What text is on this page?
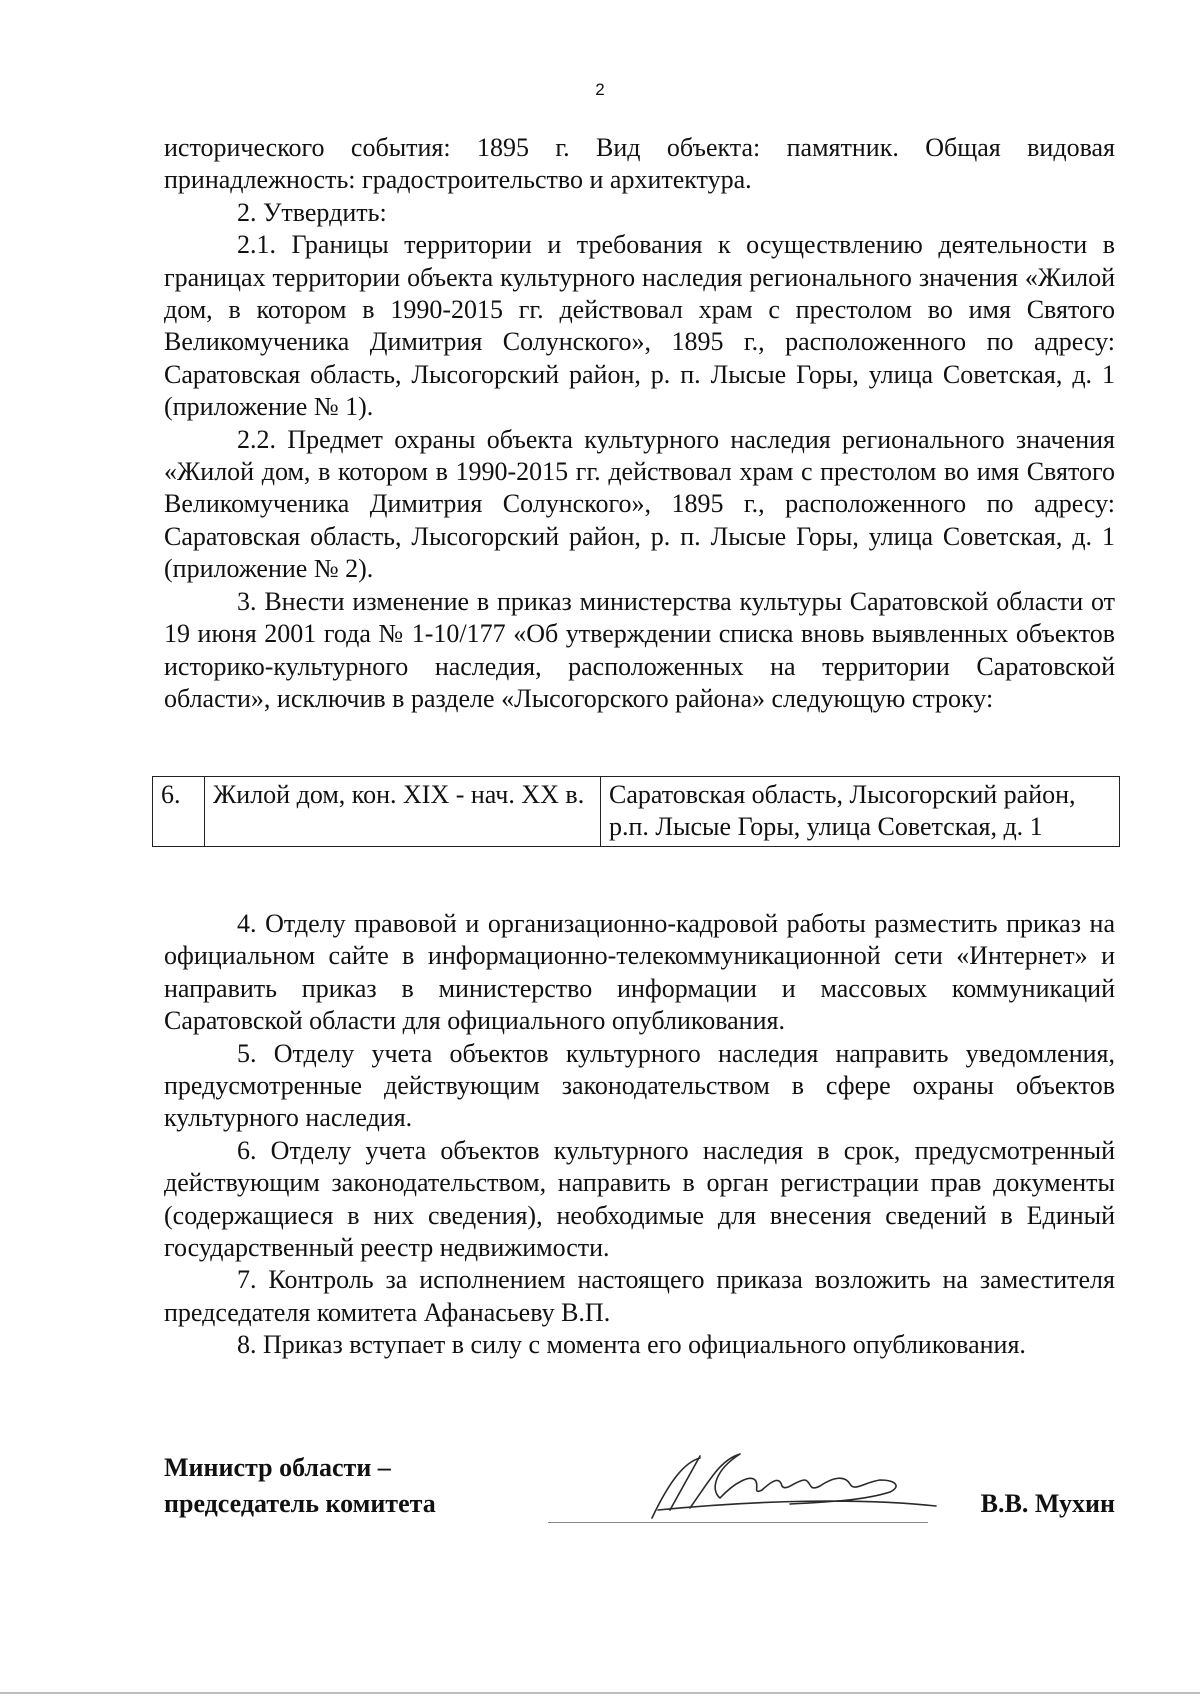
2

исторического события: 1895 г. Вид объекта: памятник. Общая видовая принадлежность: градостроительство и архитектура.

2. Утвердить:

2.1. Границы территории и требования к осуществлению деятельности в границах территории объекта культурного наследия регионального значения «Жилой дом, в котором в 1990-2015 гг. действовал храм с престолом во имя Святого Великомученика Димитрия Солунского», 1895 г., расположенного по адресу: Саратовская область, Лысогорский район, р. п. Лысые Горы, улица Советская, д. 1 (приложение № 1).

2.2. Предмет охраны объекта культурного наследия регионального значения «Жилой дом, в котором в 1990-2015 гг. действовал храм с престолом во имя Святого Великомученика Димитрия Солунского», 1895 г., расположенного по адресу: Саратовская область, Лысогорский район, р. п. Лысые Горы, улица Советская, д. 1 (приложение № 2).

3. Внести изменение в приказ министерства культуры Саратовской области от 19 июня 2001 года № 1-10/177 «Об утверждении списка вновь выявленных объектов историко-культурного наследия, расположенных на территории Саратовской области», исключив в разделе «Лысогорского района» следующую строку:

6.	Жилой дом, кон. XIX - нач. XX в.	Саратовская область, Лысогорский район, р.п. Лысые Горы, улица Советская, д. 1

4. Отделу правовой и организационно-кадровой работы разместить приказ на официальном сайте в информационно-телекоммуникационной сети «Интернет» и направить приказ в министерство информации и массовых коммуникаций Саратовской области для официального опубликования.

5. Отделу учета объектов культурного наследия направить уведомления, предусмотренные действующим законодательством в сфере охраны объектов культурного наследия.

6. Отделу учета объектов культурного наследия в срок, предусмотренный действующим законодательством, направить в орган регистрации прав документы (содержащиеся в них сведения), необходимые для внесения сведений в Единый государственный реестр недвижимости.

7. Контроль за исполнением настоящего приказа возложить на заместителя председателя комитета Афанасьеву В.П.

8. Приказ вступает в силу с момента его официального опубликования.

Министр области –
председатель комитета	В.В. Мухин
